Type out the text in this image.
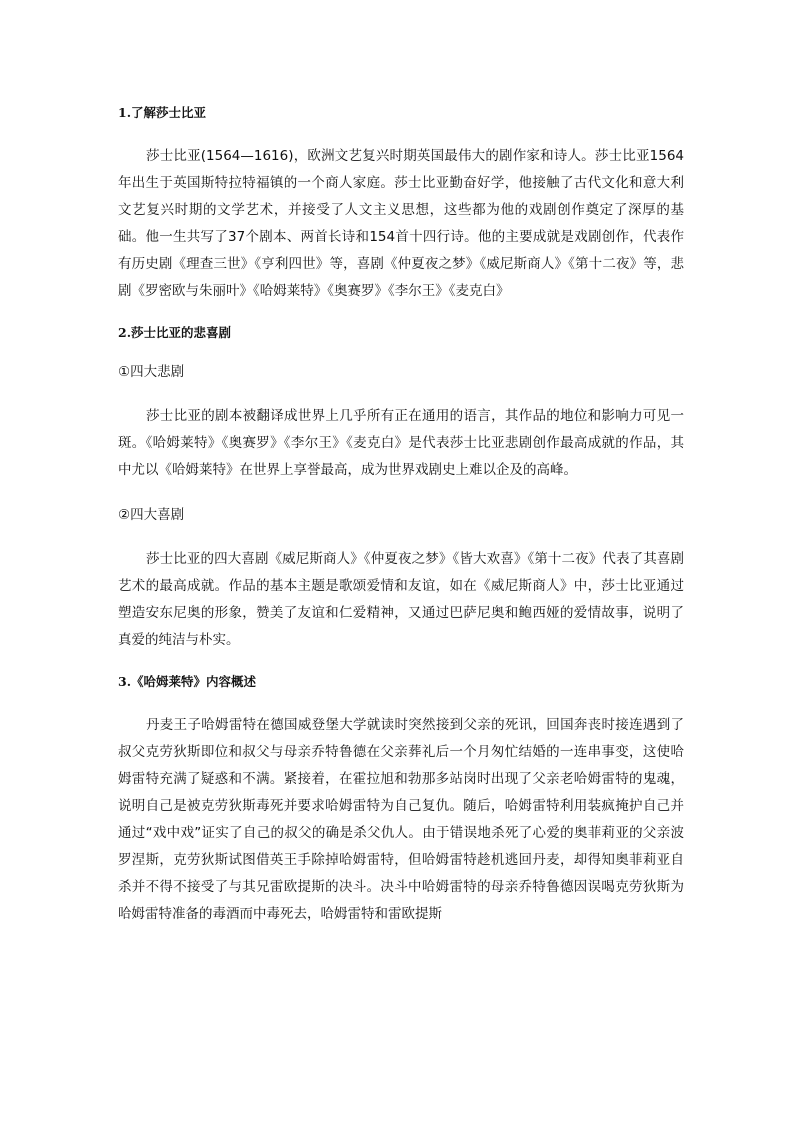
1.了解莎士比亚

莎士比亚(1564—1616)，欧洲文艺复兴时期英国最伟大的剧作家和诗人。莎士比亚1564年出生于英国斯特拉特福镇的一个商人家庭。莎士比亚勤奋好学，他接触了古代文化和意大利文艺复兴时期的文学艺术，并接受了人文主义思想，这些都为他的戏剧创作奠定了深厚的基础。他一生共写了37个剧本、两首长诗和154首十四行诗。他的主要成就是戏剧创作，代表作有历史剧《理查三世》《亨利四世》等，喜剧《仲夏夜之梦》《威尼斯商人》《第十二夜》等，悲剧《罗密欧与朱丽叶》《哈姆莱特》《奥赛罗》《李尔王》《麦克白》

2.莎士比亚的悲喜剧

①四大悲剧

莎士比亚的剧本被翻译成世界上几乎所有正在通用的语言，其作品的地位和影响力可见一斑。《哈姆莱特》《奥赛罗》《李尔王》《麦克白》是代表莎士比亚悲剧创作最高成就的作品，其中尤以《哈姆莱特》在世界上享誉最高，成为世界戏剧史上难以企及的高峰。

②四大喜剧

莎士比亚的四大喜剧《威尼斯商人》《仲夏夜之梦》《皆大欢喜》《第十二夜》代表了其喜剧艺术的最高成就。作品的基本主题是歌颂爱情和友谊，如在《威尼斯商人》中，莎士比亚通过塑造安东尼奥的形象，赞美了友谊和仁爱精神，又通过巴萨尼奥和鲍西娅的爱情故事，说明了真爱的纯洁与朴实。

3.《哈姆莱特》内容概述

丹麦王子哈姆雷特在德国威登堡大学就读时突然接到父亲的死讯，回国奔丧时接连遇到了叔父克劳狄斯即位和叔父与母亲乔特鲁德在父亲葬礼后一个月匆忙结婚的一连串事变，这使哈姆雷特充满了疑惑和不满。紧接着，在霍拉旭和勃那多站岗时出现了父亲老哈姆雷特的鬼魂，说明自己是被克劳狄斯毒死并要求哈姆雷特为自己复仇。随后，哈姆雷特利用装疯掩护自己并通过“戏中戏”证实了自己的叔父的确是杀父仇人。由于错误地杀死了心爱的奥菲莉亚的父亲波罗涅斯，克劳狄斯试图借英王手除掉哈姆雷特，但哈姆雷特趁机逃回丹麦，却得知奥菲莉亚自杀并不得不接受了与其兄雷欧提斯的决斗。决斗中哈姆雷特的母亲乔特鲁德因误喝克劳狄斯为哈姆雷特准备的毒酒而中毒死去，哈姆雷特和雷欧提斯
